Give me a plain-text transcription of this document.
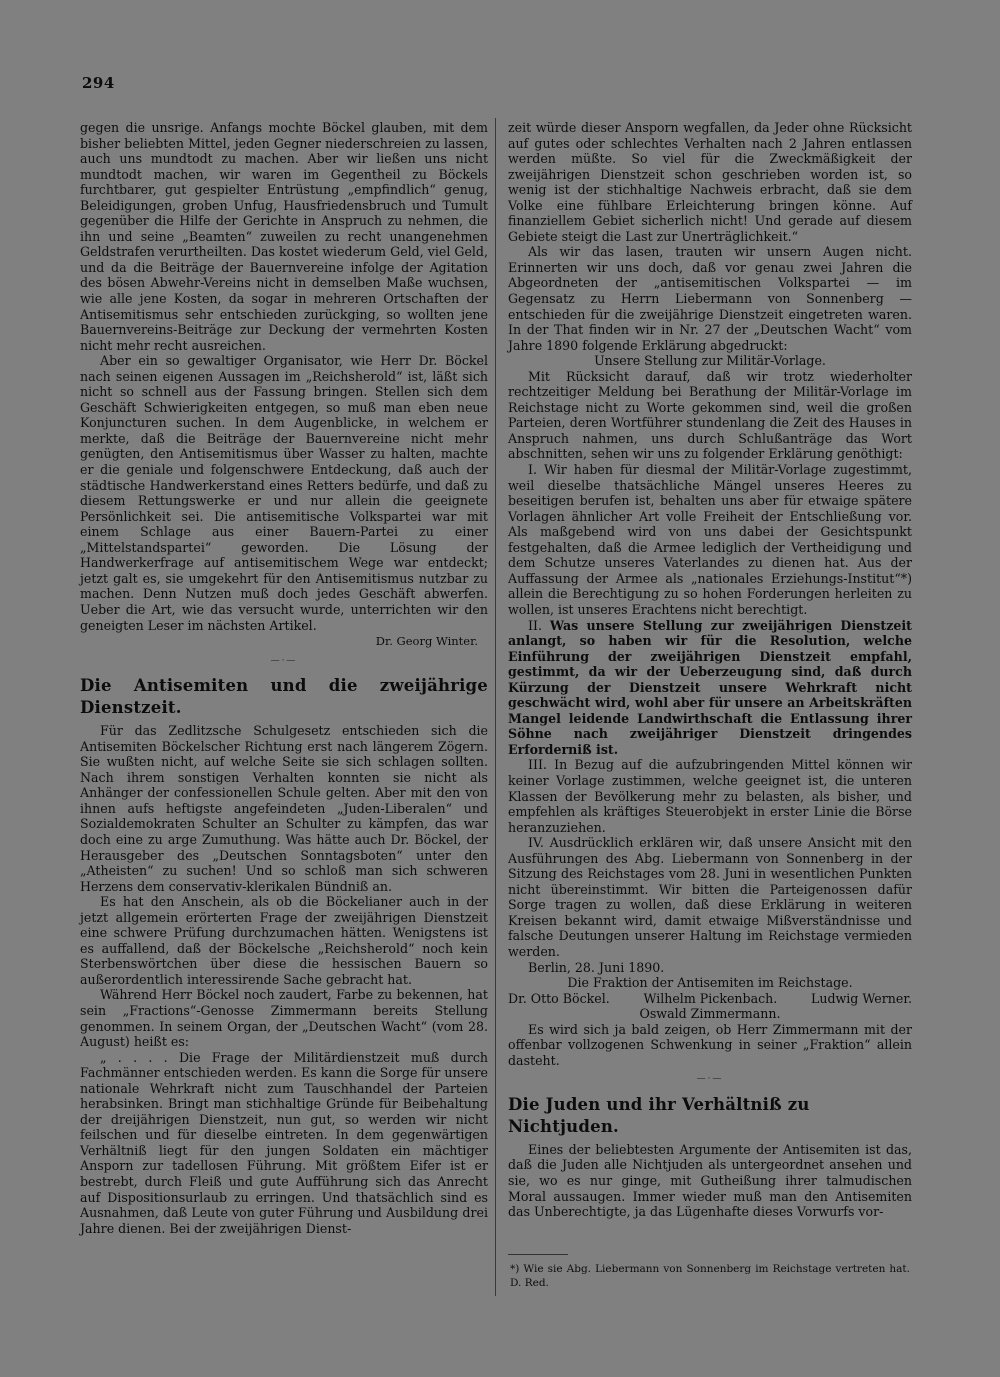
294

gegen die unsrige. Anfangs mochte Böckel glauben, mit dem bisher beliebten Mittel, jeden Gegner niederschreien zu lassen, auch uns mundtodt zu machen. Aber wir ließen uns nicht mundtodt machen, wir waren im Gegentheil zu Böckels furchtbarer, gut gespielter Entrüstung „empfindlich“ genug, Beleidigungen, groben Unfug, Hausfriedensbruch und Tumult gegenüber die Hilfe der Gerichte in Anspruch zu nehmen, die ihn und seine „Beamten“ zuweilen zu recht unangenehmen Geldstrafen verurtheilten. Das kostet wiederum Geld, viel Geld, und da die Beiträge der Bauernvereine infolge der Agitation des bösen Abwehr-Vereins nicht in demselben Maße wuchsen, wie alle jene Kosten, da sogar in mehreren Ortschaften der Antisemitismus sehr entschieden zurückging, so wollten jene Bauernvereins-Beiträge zur Deckung der vermehrten Kosten nicht mehr recht ausreichen.

Aber ein so gewaltiger Organisator, wie Herr Dr. Böckel nach seinen eigenen Aussagen im „Reichsherold“ ist, läßt sich nicht so schnell aus der Fassung bringen. Stellen sich dem Geschäft Schwierigkeiten entgegen, so muß man eben neue Konjuncturen suchen. In dem Augenblicke, in welchem er merkte, daß die Beiträge der Bauernvereine nicht mehr genügten, den Antisemitismus über Wasser zu halten, machte er die geniale und folgenschwere Entdeckung, daß auch der städtische Handwerkerstand eines Retters bedürfe, und daß zu diesem Rettungswerke er und nur allein die geeignete Persönlichkeit sei. Die antisemitische Volkspartei war mit einem Schlage aus einer Bauern-Partei zu einer „Mittelstandspartei“ geworden. Die Lösung der Handwerkerfrage auf antisemitischem Wege war entdeckt; jetzt galt es, sie umgekehrt für den Antisemitismus nutzbar zu machen. Denn Nutzen muß doch jedes Geschäft abwerfen. Ueber die Art, wie das versucht wurde, unterrichten wir den geneigten Leser im nächsten Artikel.

Dr. Georg Winter.
—·—
Die Antisemiten und die zweijährige Dienstzeit.

Für das Zedlitzsche Schulgesetz entschieden sich die Antisemiten Böckelscher Richtung erst nach längerem Zögern. Sie wußten nicht, auf welche Seite sie sich schlagen sollten. Nach ihrem sonstigen Verhalten konnten sie nicht als Anhänger der confessionellen Schule gelten. Aber mit den von ihnen aufs heftigste angefeindeten „Juden-Liberalen“ und Sozialdemokraten Schulter an Schulter zu kämpfen, das war doch eine zu arge Zumuthung. Was hätte auch Dr. Böckel, der Herausgeber des „Deutschen Sonntagsboten“ unter den „Atheisten“ zu suchen! Und so schloß man sich schweren Herzens dem conservativ-klerikalen Bündniß an.

Es hat den Anschein, als ob die Böckelianer auch in der jetzt allgemein erörterten Frage der zweijährigen Dienstzeit eine schwere Prüfung durchzumachen hätten. Wenigstens ist es auffallend, daß der Böckelsche „Reichsherold“ noch kein Sterbenswörtchen über diese die hessischen Bauern so außerordentlich interessirende Sache gebracht hat.

Während Herr Böckel noch zaudert, Farbe zu bekennen, hat sein „Fractions“-Genosse Zimmermann bereits Stellung genommen. In seinem Organ, der „Deutschen Wacht“ (vom 28. August) heißt es:

„ . . . . Die Frage der Militärdienstzeit muß durch Fachmänner entschieden werden. Es kann die Sorge für unsere nationale Wehrkraft nicht zum Tauschhandel der Parteien herabsinken. Bringt man stichhaltige Gründe für Beibehaltung der dreijährigen Dienstzeit, nun gut, so werden wir nicht feilschen und für dieselbe eintreten. In dem gegenwärtigen Verhältniß liegt für den jungen Soldaten ein mächtiger Ansporn zur tadellosen Führung. Mit größtem Eifer ist er bestrebt, durch Fleiß und gute Aufführung sich das Anrecht auf Dispositionsurlaub zu erringen. Und thatsächlich sind es Ausnahmen, daß Leute von guter Führung und Ausbildung drei Jahre dienen. Bei der zweijährigen Dienst-

zeit würde dieser Ansporn wegfallen, da Jeder ohne Rücksicht auf gutes oder schlechtes Verhalten nach 2 Jahren entlassen werden müßte. So viel für die Zweckmäßigkeit der zweijährigen Dienstzeit schon geschrieben worden ist, so wenig ist der stichhaltige Nachweis erbracht, daß sie dem Volke eine fühlbare Erleichterung bringen könne. Auf finanziellem Gebiet sicherlich nicht! Und gerade auf diesem Gebiete steigt die Last zur Unerträglichkeit.“

Als wir das lasen, trauten wir unsern Augen nicht. Erinnerten wir uns doch, daß vor genau zwei Jahren die Abgeordneten der „antisemitischen Volkspartei — im Gegensatz zu Herrn Liebermann von Sonnenberg — entschieden für die zweijährige Dienstzeit eingetreten waren. In der That finden wir in Nr. 27 der „Deutschen Wacht“ vom Jahre 1890 folgende Erklärung abgedruckt:

Unsere Stellung zur Militär-Vorlage.

Mit Rücksicht darauf, daß wir trotz wiederholter rechtzeitiger Meldung bei Berathung der Militär-Vorlage im Reichstage nicht zu Worte gekommen sind, weil die großen Parteien, deren Wortführer stundenlang die Zeit des Hauses in Anspruch nahmen, uns durch Schlußanträge das Wort abschnitten, sehen wir uns zu folgender Erklärung genöthigt:

I. Wir haben für diesmal der Militär-Vorlage zugestimmt, weil dieselbe thatsächliche Mängel unseres Heeres zu beseitigen berufen ist, behalten uns aber für etwaige spätere Vorlagen ähnlicher Art volle Freiheit der Entschließung vor. Als maßgebend wird von uns dabei der Gesichtspunkt festgehalten, daß die Armee lediglich der Vertheidigung und dem Schutze unseres Vaterlandes zu dienen hat. Aus der Auffassung der Armee als „nationales Erziehungs-Institut“*) allein die Berechtigung zu so hohen Forderungen herleiten zu wollen, ist unseres Erachtens nicht berechtigt.

II. Was unsere Stellung zur zweijährigen Dienstzeit anlangt, so haben wir für die Resolution, welche Einführung der zweijährigen Dienstzeit empfahl, gestimmt, da wir der Ueberzeugung sind, daß durch Kürzung der Dienstzeit unsere Wehrkraft nicht geschwächt wird, wohl aber für unsere an Arbeitskräften Mangel leidende Landwirthschaft die Entlassung ihrer Söhne nach zweijähriger Dienstzeit dringendes Erforderniß ist.

III. In Bezug auf die aufzubringenden Mittel können wir keiner Vorlage zustimmen, welche geeignet ist, die unteren Klassen der Bevölkerung mehr zu belasten, als bisher, und empfehlen als kräftiges Steuerobjekt in erster Linie die Börse heranzuziehen.

IV. Ausdrücklich erklären wir, daß unsere Ansicht mit den Ausführungen des Abg. Liebermann von Sonnenberg in der Sitzung des Reichstages vom 28. Juni in wesentlichen Punkten nicht übereinstimmt. Wir bitten die Parteigenossen dafür Sorge tragen zu wollen, daß diese Erklärung in weiteren Kreisen bekannt wird, damit etwaige Mißverständnisse und falsche Deutungen unserer Haltung im Reichstage vermieden werden.

Berlin, 28. Juni 1890.

Die Fraktion der Antisemiten im Reichstage.

Dr. Otto Böckel.	Wilhelm Pickenbach.	Ludwig Werner.

Oswald Zimmermann.

Es wird sich ja bald zeigen, ob Herr Zimmermann mit der offenbar vollzogenen Schwenkung in seiner „Fraktion“ allein dasteht.

—·—
Die Juden und ihr Verhältniß zu Nichtjuden.

Eines der beliebtesten Argumente der Antisemiten ist das, daß die Juden alle Nichtjuden als untergeordnet ansehen und sie, wo es nur ginge, mit Gutheißung ihrer talmudischen Moral aussaugen. Immer wieder muß man den Antisemiten das Unberechtigte, ja das Lügenhafte dieses Vorwurfs vor-

*) Wie sie Abg. Liebermann von Sonnenberg im Reichstage vertreten hat. D. Red.
